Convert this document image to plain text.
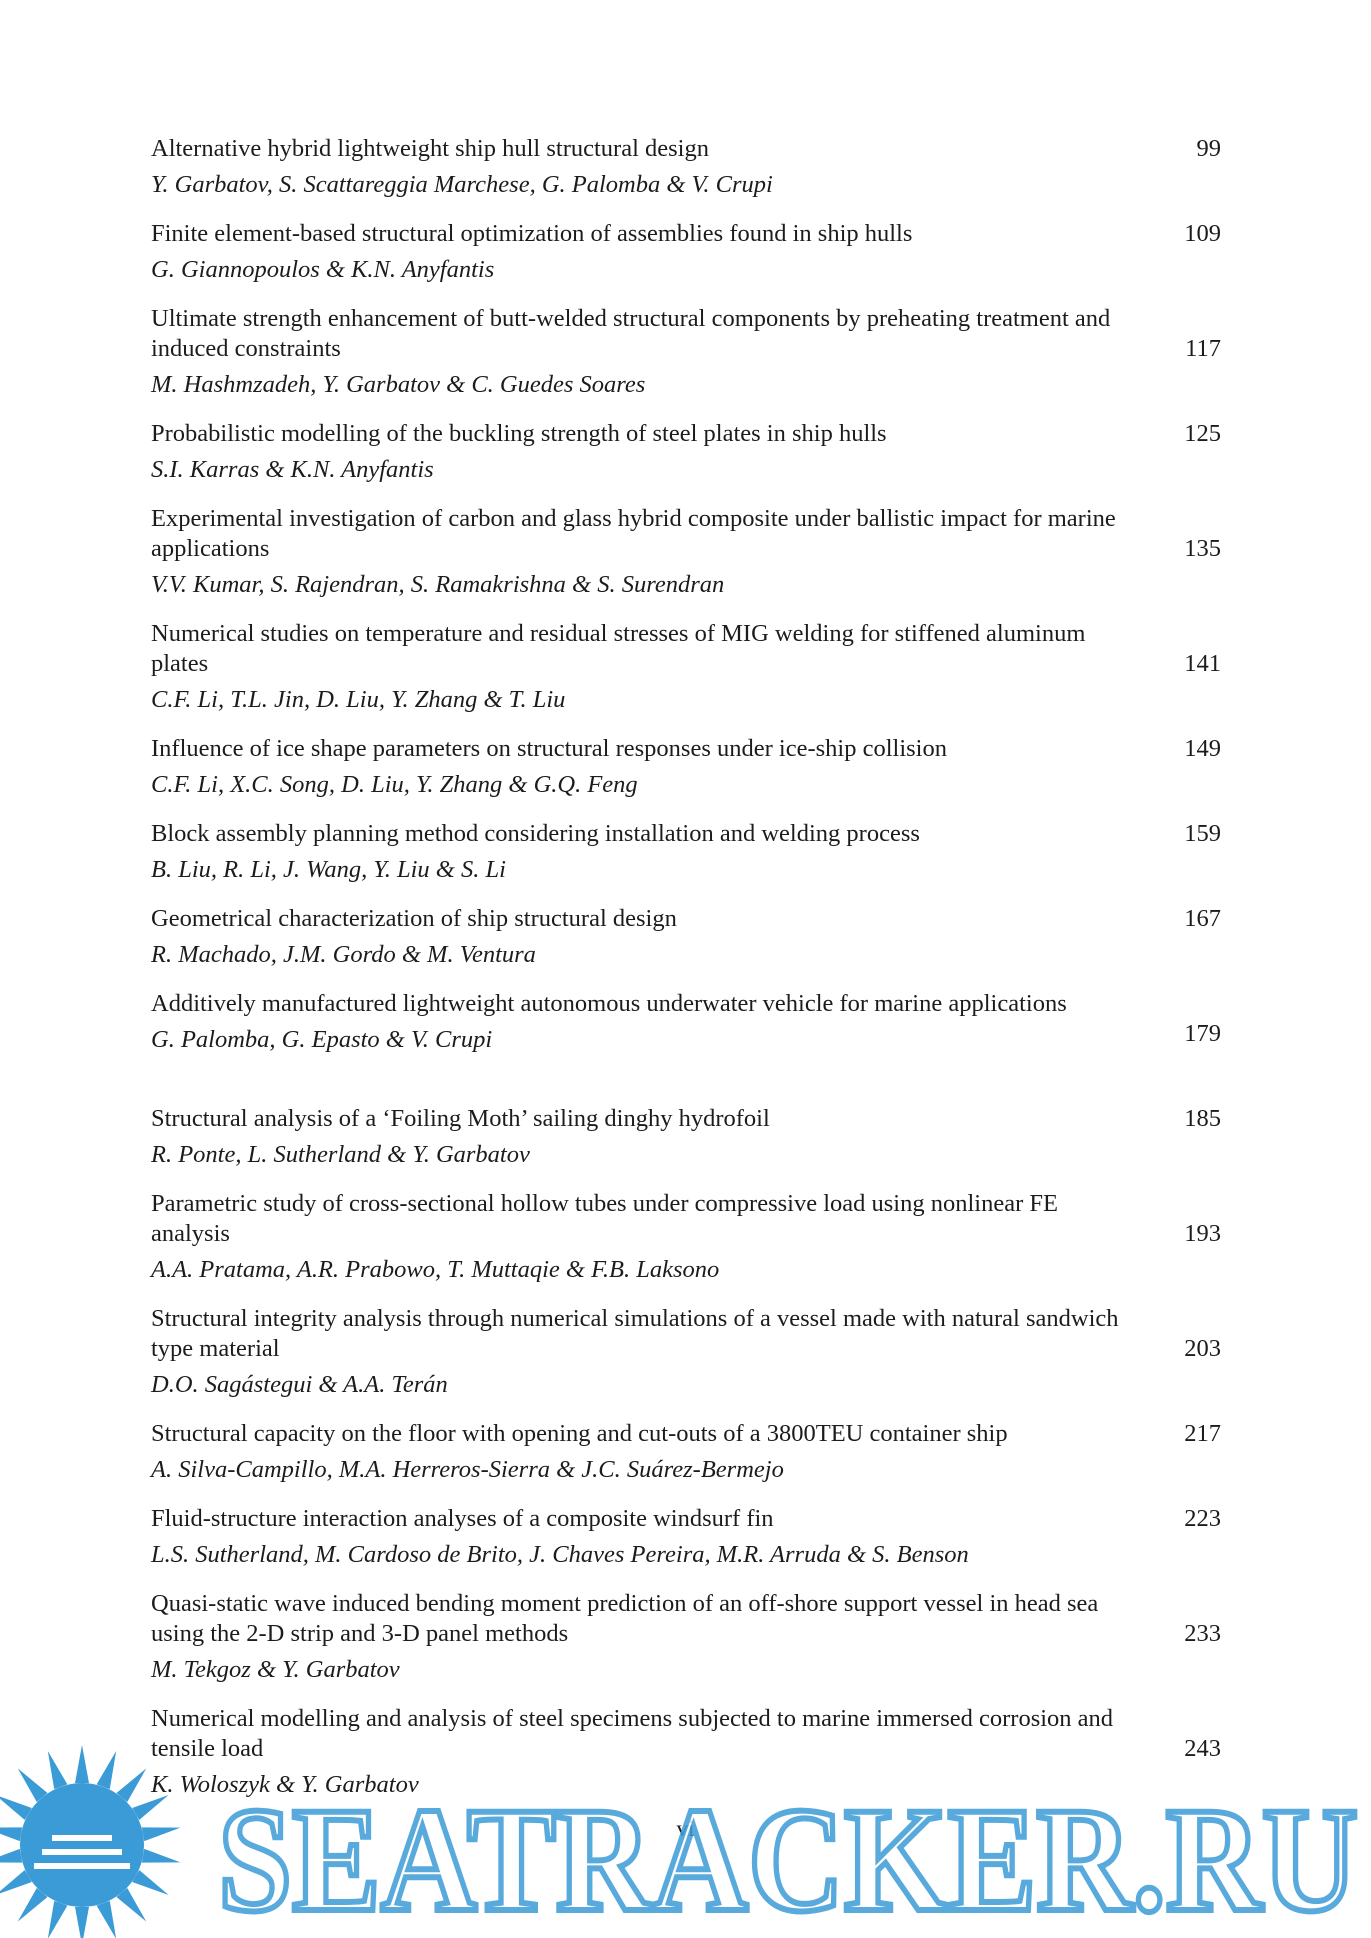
Alternative hybrid lightweight ship hull structural design
Y. Garbatov, S. Scattareggia Marchese, G. Palomba & V. Crupi
99
Finite element-based structural optimization of assemblies found in ship hulls
G. Giannopoulos & K.N. Anyfantis
109
Ultimate strength enhancement of butt-welded structural components by preheating treatment and induced constraints
M. Hashmzadeh, Y. Garbatov & C. Guedes Soares
117
Probabilistic modelling of the buckling strength of steel plates in ship hulls
S.I. Karras & K.N. Anyfantis
125
Experimental investigation of carbon and glass hybrid composite under ballistic impact for marine applications
V.V. Kumar, S. Rajendran, S. Ramakrishna & S. Surendran
135
Numerical studies on temperature and residual stresses of MIG welding for stiffened aluminum plates
C.F. Li, T.L. Jin, D. Liu, Y. Zhang & T. Liu
141
Influence of ice shape parameters on structural responses under ice-ship collision
C.F. Li, X.C. Song, D. Liu, Y. Zhang & G.Q. Feng
149
Block assembly planning method considering installation and welding process
B. Liu, R. Li, J. Wang, Y. Liu & S. Li
159
Geometrical characterization of ship structural design
R. Machado, J.M. Gordo & M. Ventura
167
Additively manufactured lightweight autonomous underwater vehicle for marine applications
G. Palomba, G. Epasto & V. Crupi	179
Structural analysis of a ‘Foiling Moth’ sailing dinghy hydrofoil
R. Ponte, L. Sutherland & Y. Garbatov
185
Parametric study of cross-sectional hollow tubes under compressive load using nonlinear FE analysis
A.A. Pratama, A.R. Prabowo, T. Muttaqie & F.B. Laksono
193
Structural integrity analysis through numerical simulations of a vessel made with natural sandwich type material
D.O. Sagástegui & A.A. Terán
203
Structural capacity on the floor with opening and cut-outs of a 3800TEU container ship
A. Silva-Campillo, M.A. Herreros-Sierra & J.C. Suárez-Bermejo
217
Fluid-structure interaction analyses of a composite windsurf fin
L.S. Sutherland, M. Cardoso de Brito, J. Chaves Pereira, M.R. Arruda & S. Benson
223
Quasi-static wave induced bending moment prediction of an off-shore support vessel in head sea using the 2-D strip and 3-D panel methods
M. Tekgoz & Y. Garbatov
233
Numerical modelling and analysis of steel specimens subjected to marine immersed corrosion and tensile load
K. Woloszyk & Y. Garbatov
243
vi
SEATRACKER.RU
